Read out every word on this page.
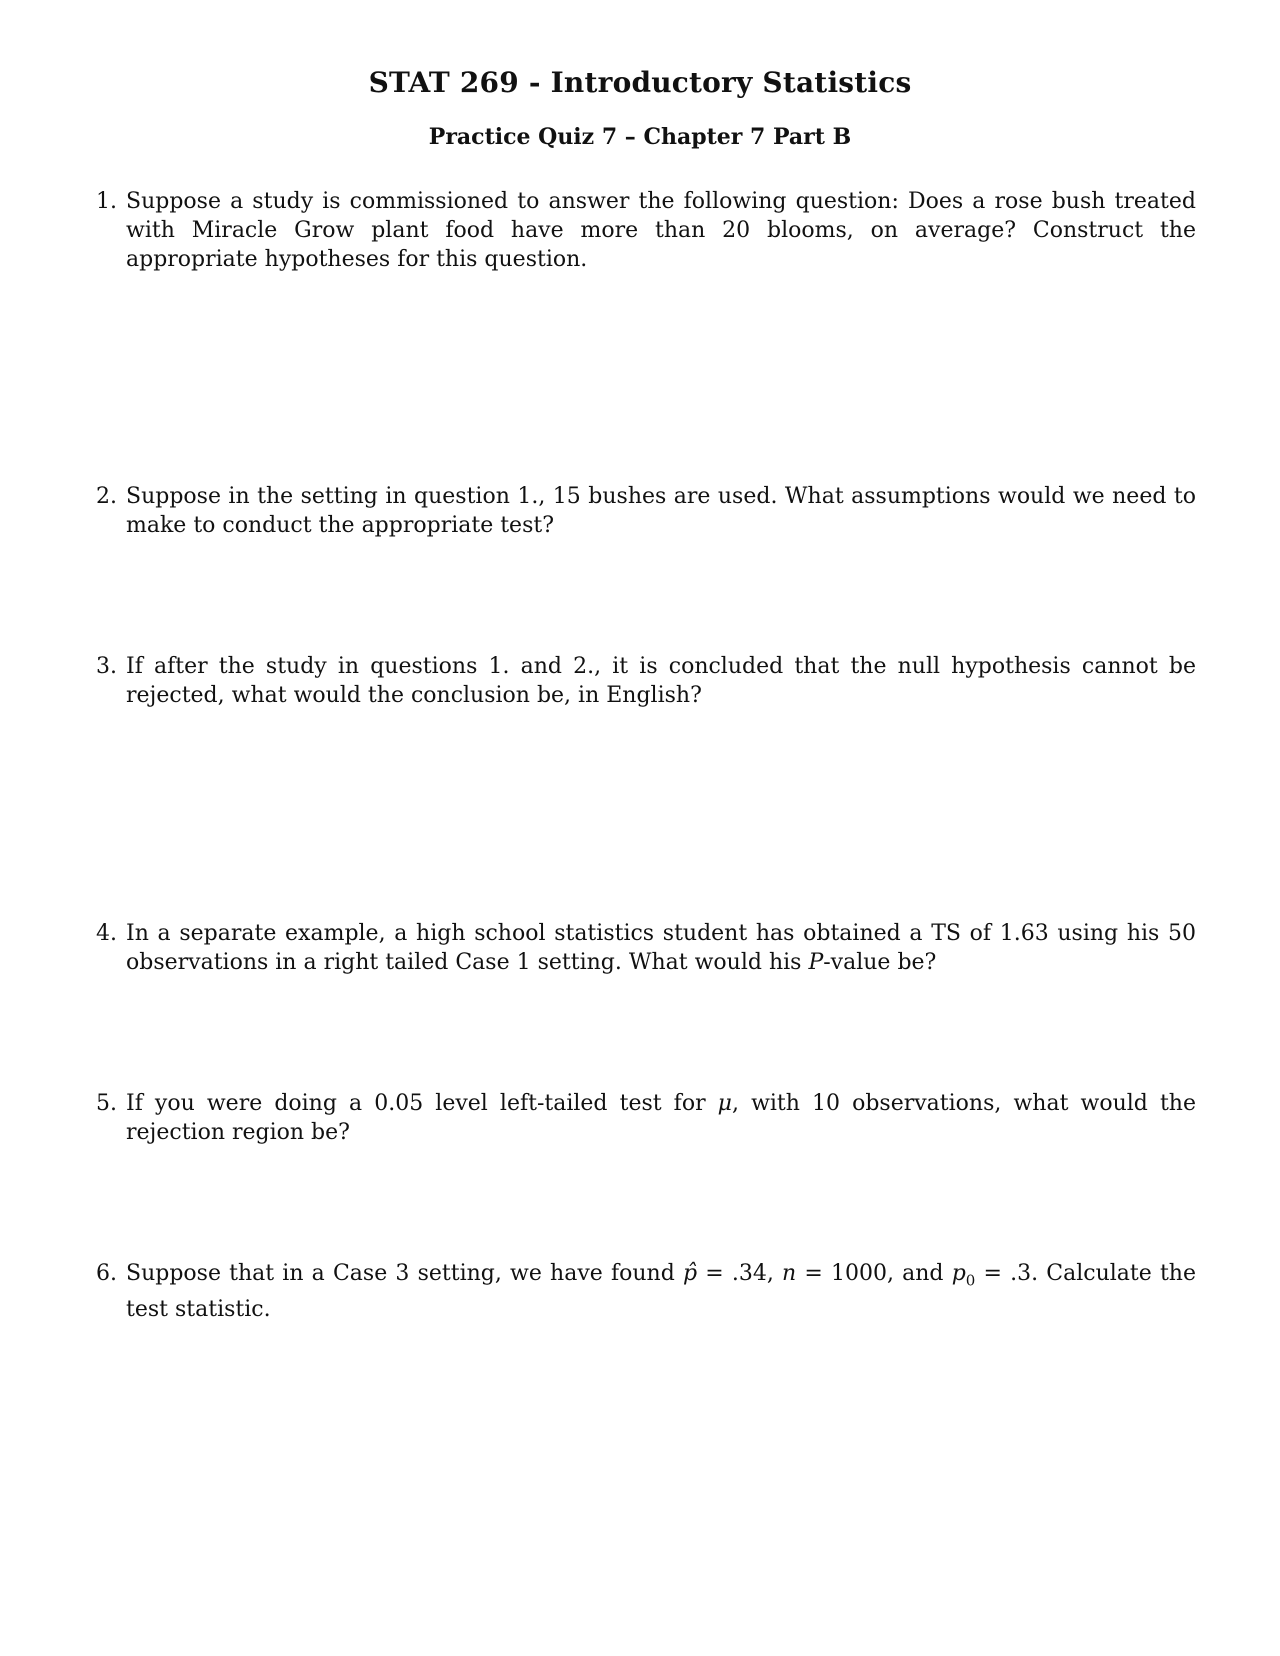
STAT 269 - Introductory Statistics
Practice Quiz 7 – Chapter 7 Part B
1. Suppose a study is commissioned to answer the following question: Does a rose bush treated with Miracle Grow plant food have more than 20 blooms, on average? Construct the appropriate hypotheses for this question.
2. Suppose in the setting in question 1., 15 bushes are used. What assumptions would we need to make to conduct the appropriate test?
3. If after the study in questions 1. and 2., it is concluded that the null hypothesis cannot be rejected, what would the conclusion be, in English?
4. In a separate example, a high school statistics student has obtained a TS of 1.63 using his 50 observations in a right tailed Case 1 setting. What would his P-value be?
5. If you were doing a 0.05 level left-tailed test for μ, with 10 observations, what would the rejection region be?
6. Suppose that in a Case 3 setting, we have found p̂ = .34, n = 1000, and $p_0 = .3$. Calculate the test statistic.
